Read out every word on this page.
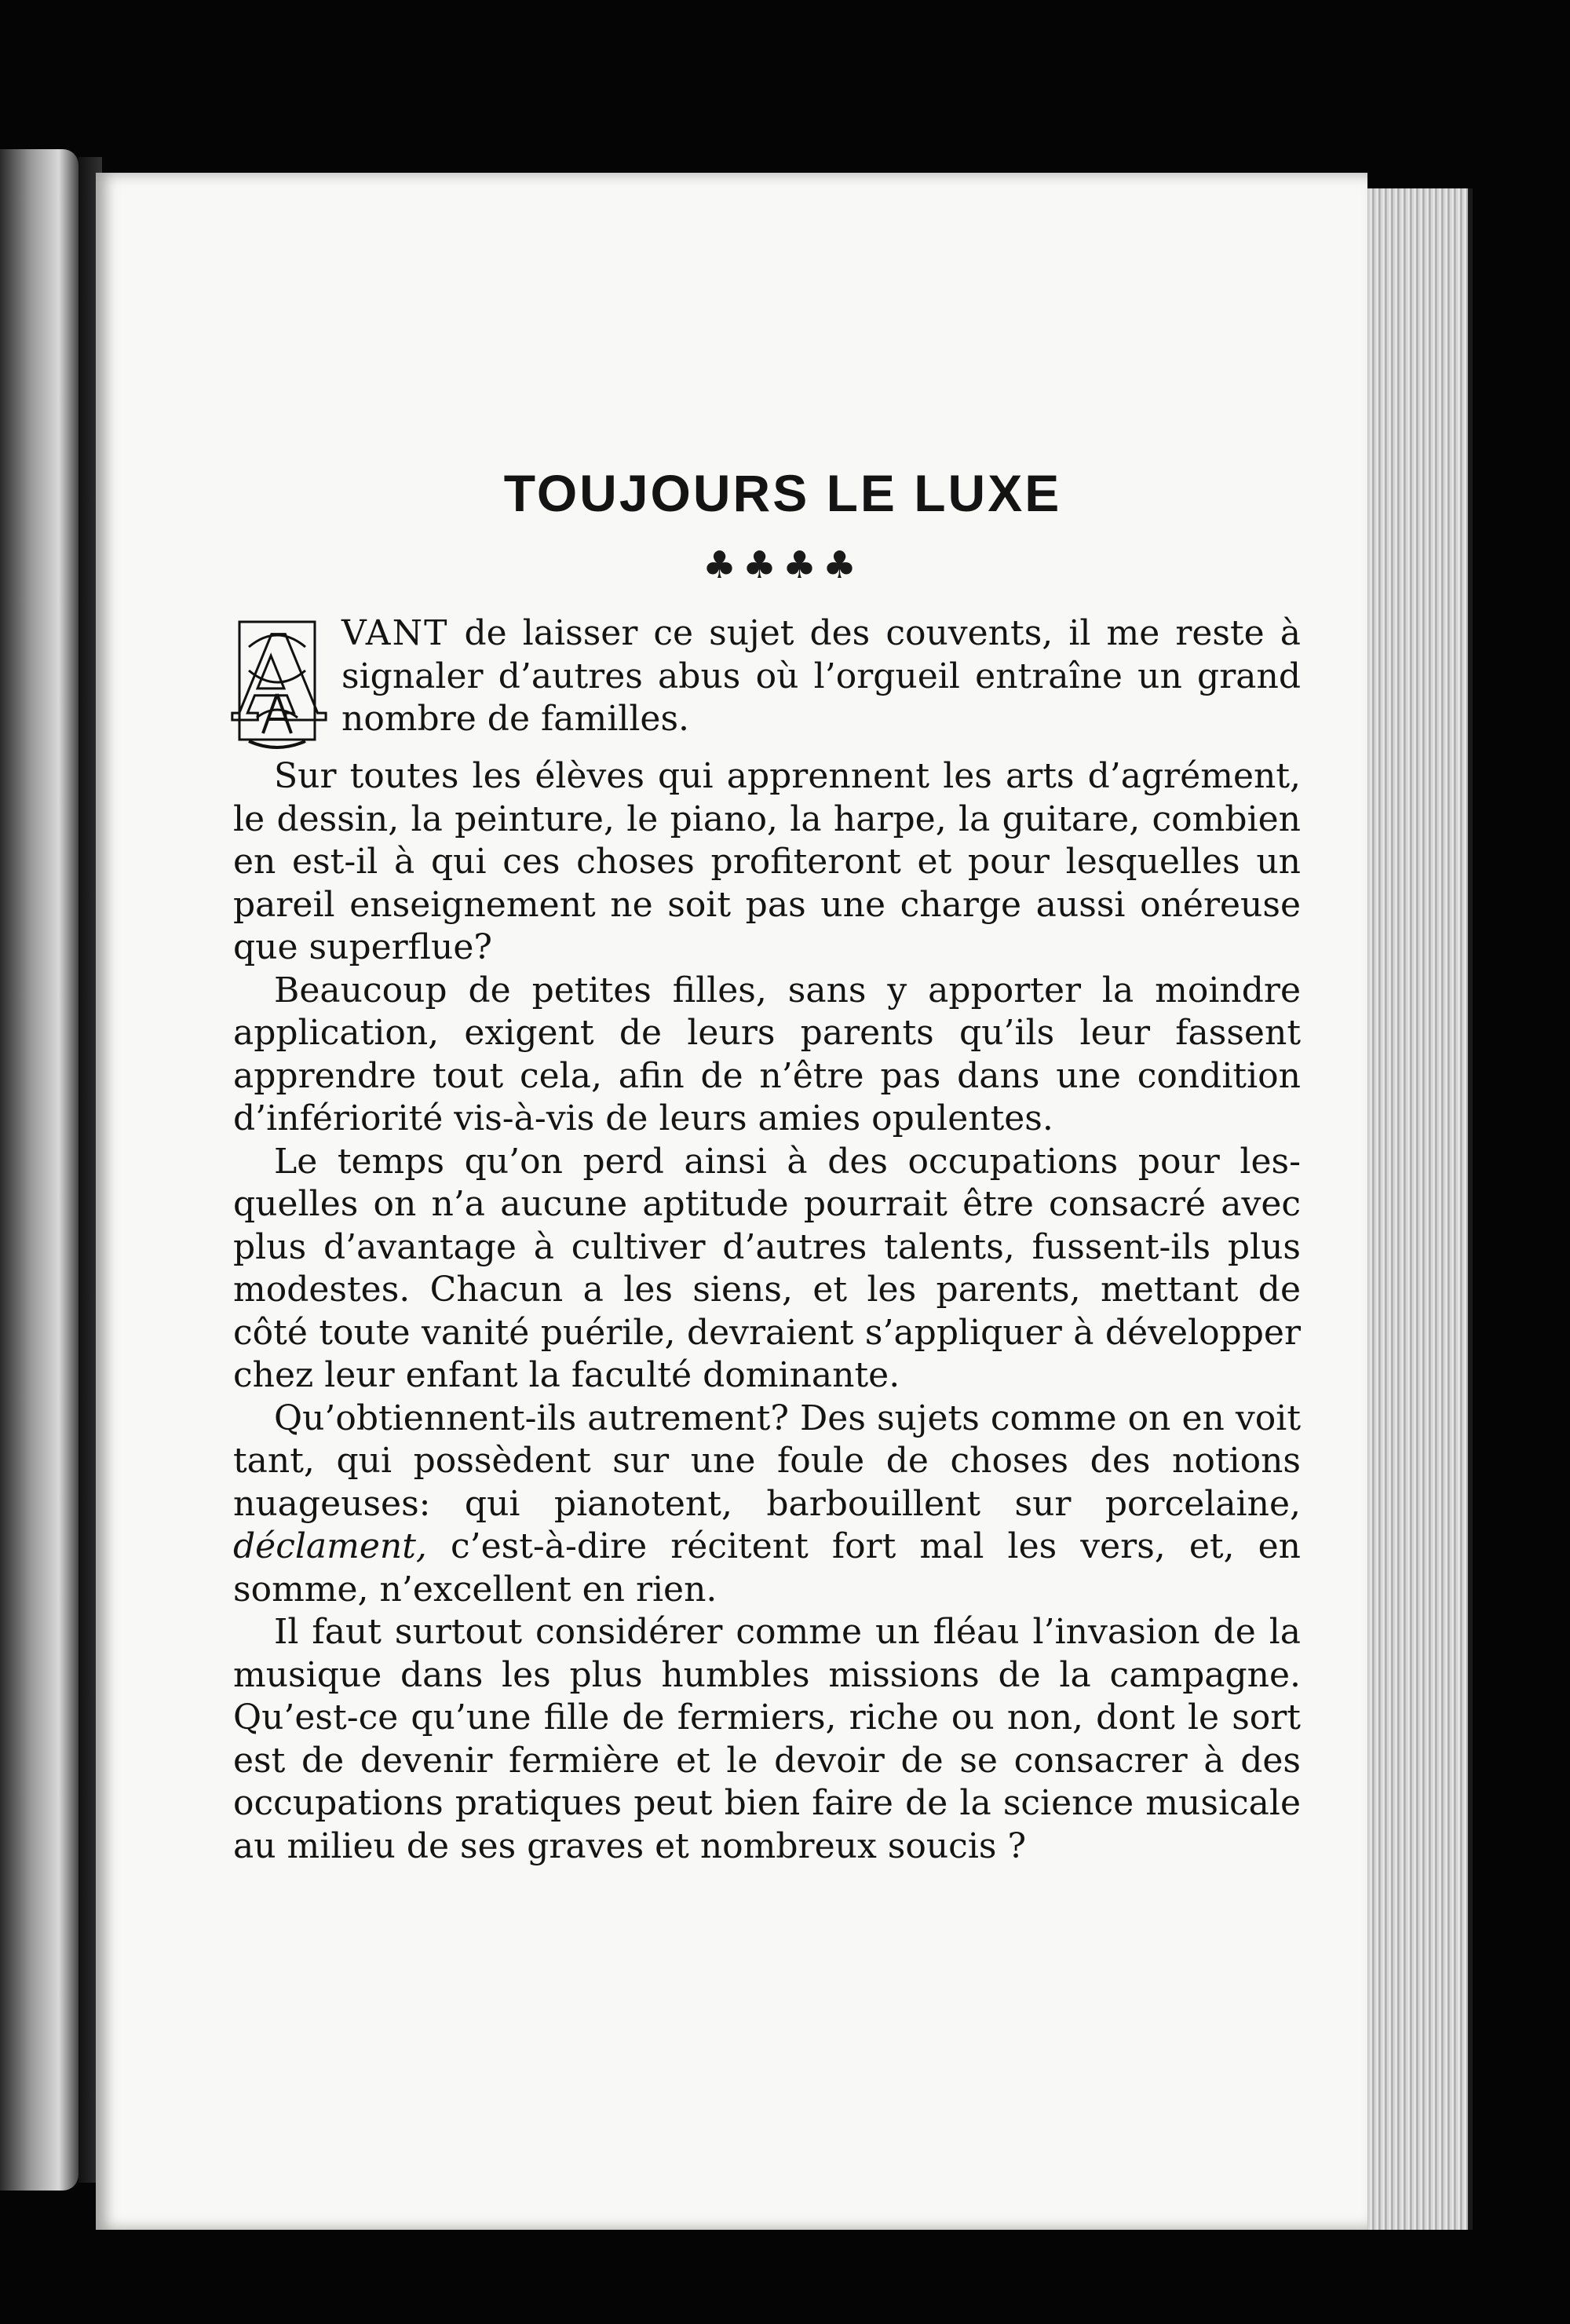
TOUJOURS LE LUXE
♣♣♣♣

A VANT de laisser ce sujet des couvents, il me reste à signaler d’autres abus où l’orgueil entraîne un grand nombre de familles.

Sur toutes les élèves qui apprennent les arts d’agrément, le dessin, la peinture, le piano, la harpe, la guitare, combien en est-il à qui ces choses profiteront et pour lesquelles un pareil enseignement ne soit pas une charge aussi onéreuse que superflue?

Beaucoup de petites filles, sans y apporter la moindre application, exigent de leurs parents qu’ils leur fassent apprendre tout cela, afin de n’être pas dans une condition d’infériorité vis-à-vis de leurs amies opulentes.

Le temps qu’on perd ainsi à des occupations pour lesquelles on n’a aucune aptitude pourrait être consacré avec plus d’avantage à cultiver d’autres talents, fussent-ils plus modestes. Chacun a les siens, et les parents, mettant de côté toute vanité puérile, devraient s’appliquer à développer chez leur enfant la faculté dominante.

Qu’obtiennent-ils autrement? Des sujets comme on en voit tant, qui possèdent sur une foule de choses des notions nuageuses: qui pianotent, barbouillent sur porcelaine, déclament, c’est-à-dire récitent fort mal les vers, et, en somme, n’excellent en rien.

Il faut surtout considérer comme un fléau l’invasion de la musique dans les plus humbles missions de la campagne. Qu’est-ce qu’une fille de fermiers, riche ou non, dont le sort est de devenir fermière et le devoir de se consacrer à des occupations pratiques peut bien faire de la science musicale au milieu de ses graves et nombreux soucis ?
